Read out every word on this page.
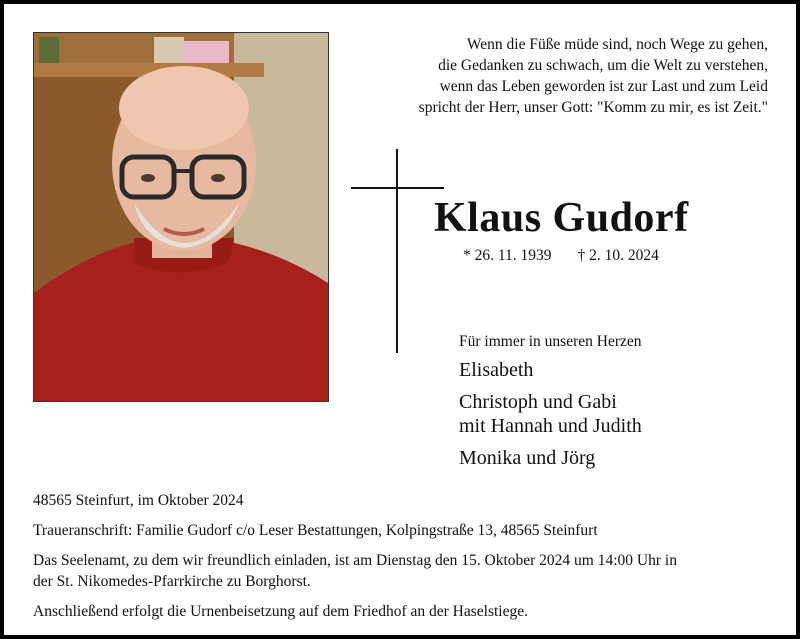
Wenn die Füße müde sind, noch Wege zu gehen,
die Gedanken zu schwach, um die Welt zu verstehen,
wenn das Leben geworden ist zur Last und zum Leid
spricht der Herr, unser Gott: "Komm zu mir, es ist Zeit."
Klaus Gudorf
* 26. 11. 1939 † 2. 10. 2024
Für immer in unseren Herzen
Elisabeth
Christoph und Gabi
mit Hannah und Judith
Monika und Jörg

48565 Steinfurt, im Oktober 2024

Traueranschrift: Familie Gudorf c/o Leser Bestattungen, Kolpingstraße 13, 48565 Steinfurt

Das Seelenamt, zu dem wir freundlich einladen, ist am Dienstag den 15. Oktober 2024 um 14:00 Uhr in
der St. Nikomedes-Pfarrkirche zu Borghorst.

Anschließend erfolgt die Urnenbeisetzung auf dem Friedhof an der Haselstiege.
